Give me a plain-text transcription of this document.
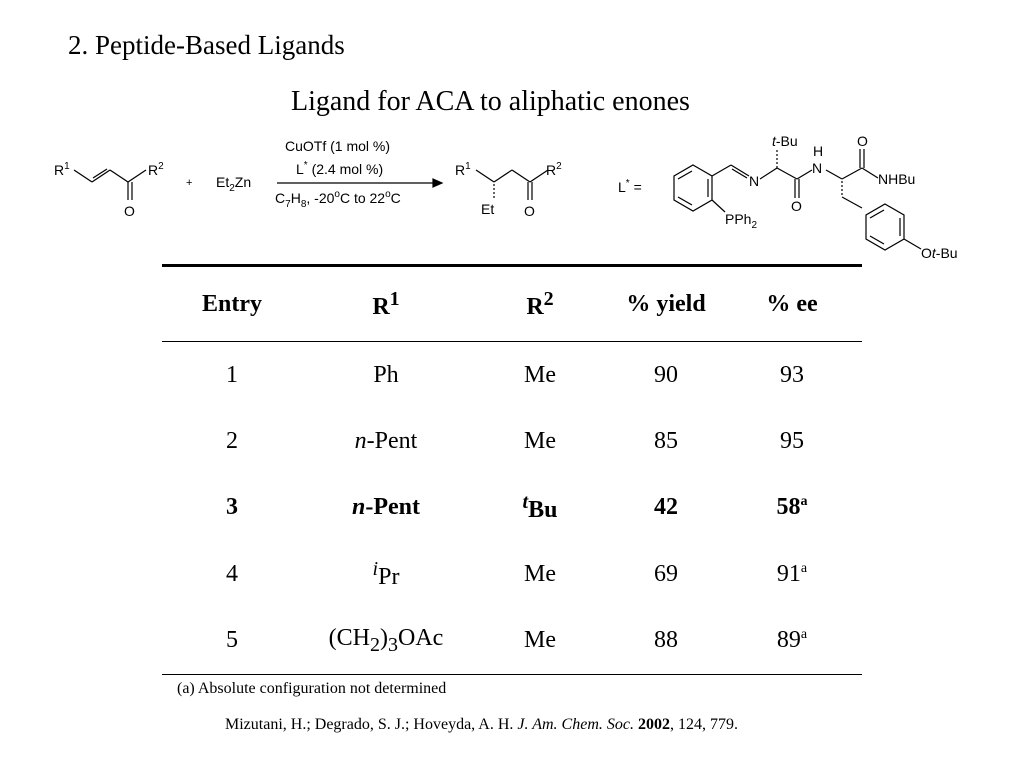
2. Peptide-Based Ligands
Ligand for ACA to aliphatic enones
$R^1$	$R^2$
O
+ $Et_2Zn$
CuOTf (1 mol %)
L* (2.4 mol %)
$C_7H_8$, -20$^o$C to 22$^o$C
$R^1$	$R^2$
Et O
L* =	N
t-Bu
O
H
N
O
NHBu
Ot-Bu
PPh$_2$
Entry	$R^1$	$R^2$	% yield	% ee
1	Ph	Me	90	93
2	n-Pent	Me	85	95
3	n-Pent	$^t$Bu	42	58$^a$
4	$^i$Pr	Me	69	91$^a$
5	$(CH_2)_3OAc$	Me	88	89$^a$
(a) Absolute configuration not determined
Mizutani, H.; Degrado, S. J.; Hoveyda, A. H. J. Am. Chem. Soc. 2002, 124, 779.
